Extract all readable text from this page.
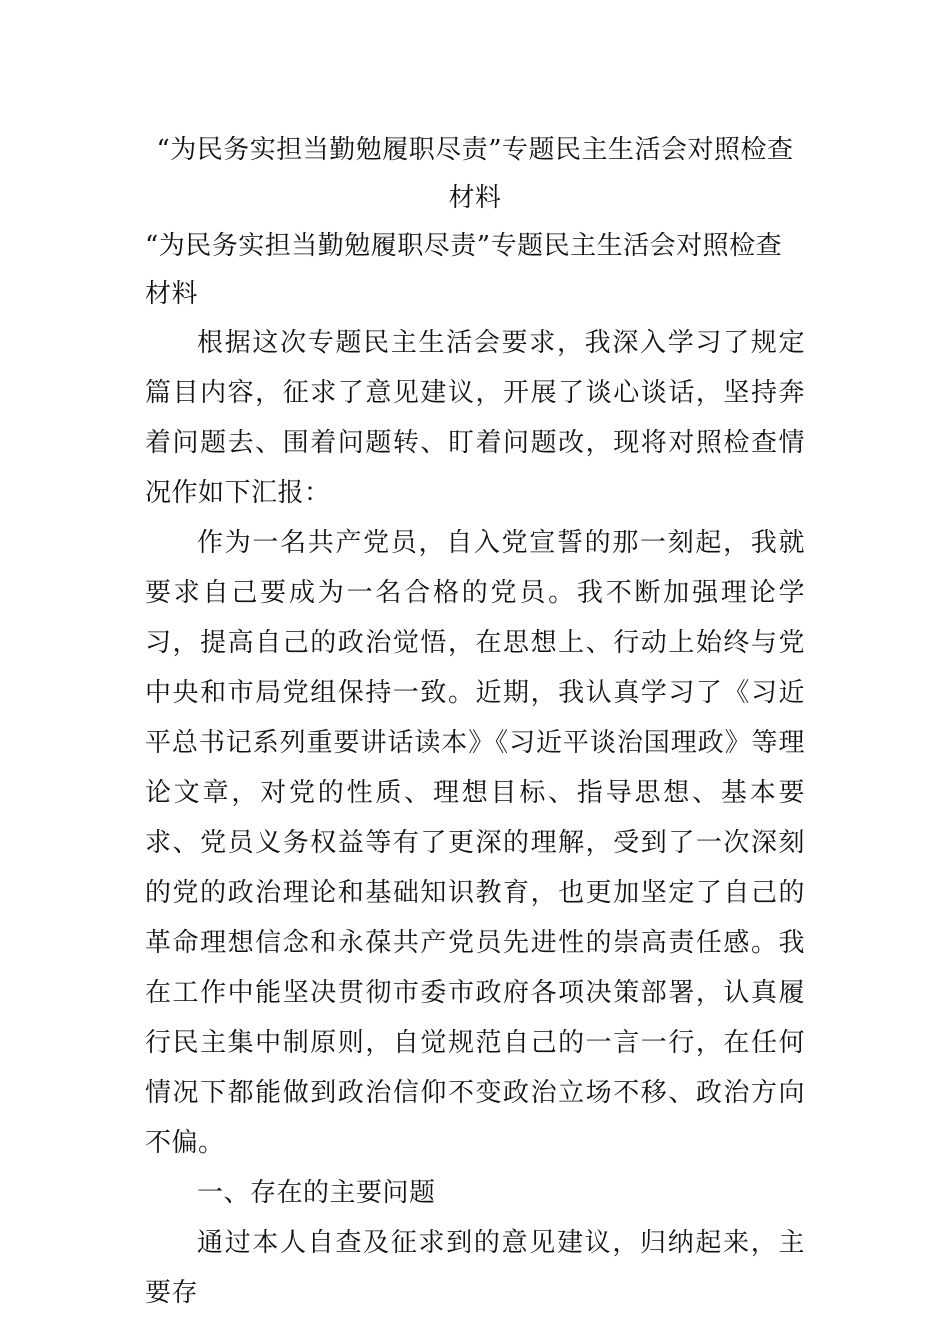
“为民务实担当勤勉履职尽责”专题民主生活会对照检查材料

“为民务实担当勤勉履职尽责”专题民主生活会对照检查材料

根据这次专题民主生活会要求，我深入学习了规定篇目内容，征求了意见建议，开展了谈心谈话，坚持奔着问题去、围着问题转、盯着问题改，现将对照检查情况作如下汇报：

作为一名共产党员，自入党宣誓的那一刻起，我就要求自己要成为一名合格的党员。我不断加强理论学习，提高自己的政治觉悟，在思想上、行动上始终与党中央和市局党组保持一致。近期，我认真学习了《习近平总书记系列重要讲话读本》《习近平谈治国理政》等理论文章，对党的性质、理想目标、指导思想、基本要求、党员义务权益等有了更深的理解，受到了一次深刻的党的政治理论和基础知识教育，也更加坚定了自己的革命理想信念和永葆共产党员先进性的崇高责任感。我在工作中能坚决贯彻市委市政府各项决策部署，认真履行民主集中制原则，自觉规范自己的一言一行，在任何情况下都能做到政治信仰不变政治立场不移、政治方向不偏。

一、存在的主要问题

通过本人自查及征求到的意见建议，归纳起来，主要存
